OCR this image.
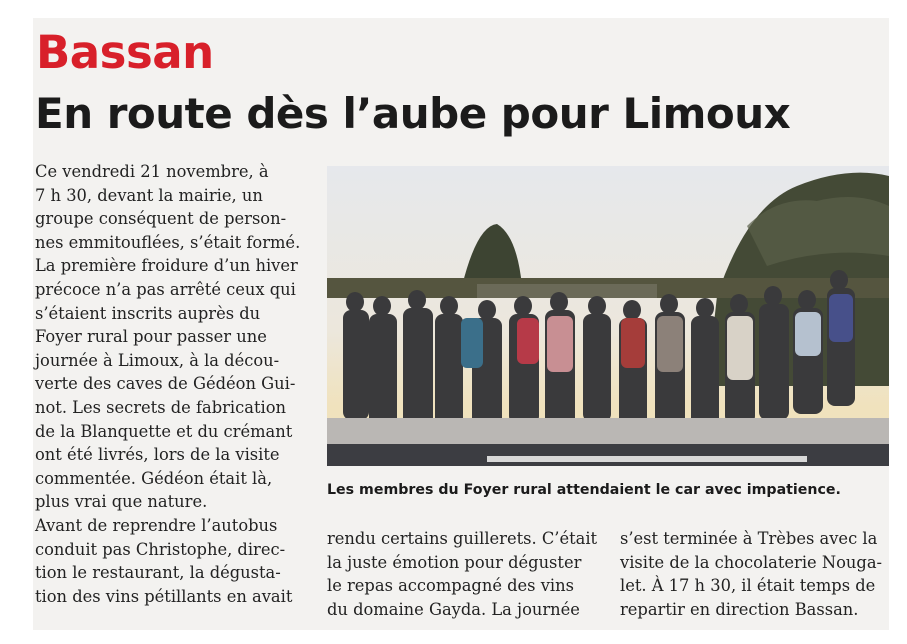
Bassan
En route dès l’aube pour Limoux

Ce vendredi 21 novembre, à

7 h 30, devant la mairie, un

groupe conséquent de person-

nes emmitouflées, s’était formé.

La première froidure d’un hiver

précoce n’a pas arrêté ceux qui

s’étaient inscrits auprès du

Foyer rural pour passer une

journée à Limoux, à la décou-

verte des caves de Gédéon Gui-

not. Les secrets de fabrication

de la Blanquette et du crémant

ont été livrés, lors de la visite

commentée. Gédéon était là,

plus vrai que nature.

Avant de reprendre l’autobus

conduit pas Christophe, direc-

tion le restaurant, la dégusta-

tion des vins pétillants en avait

Les membres du Foyer rural attendaient le car avec impatience.

rendu certains guillerets. C’était

la juste émotion pour déguster

le repas accompagné des vins

du domaine Gayda. La journée

s’est terminée à Trèbes avec la

visite de la chocolaterie Nouga-

let. À 17 h 30, il était temps de

repartir en direction Bassan.
